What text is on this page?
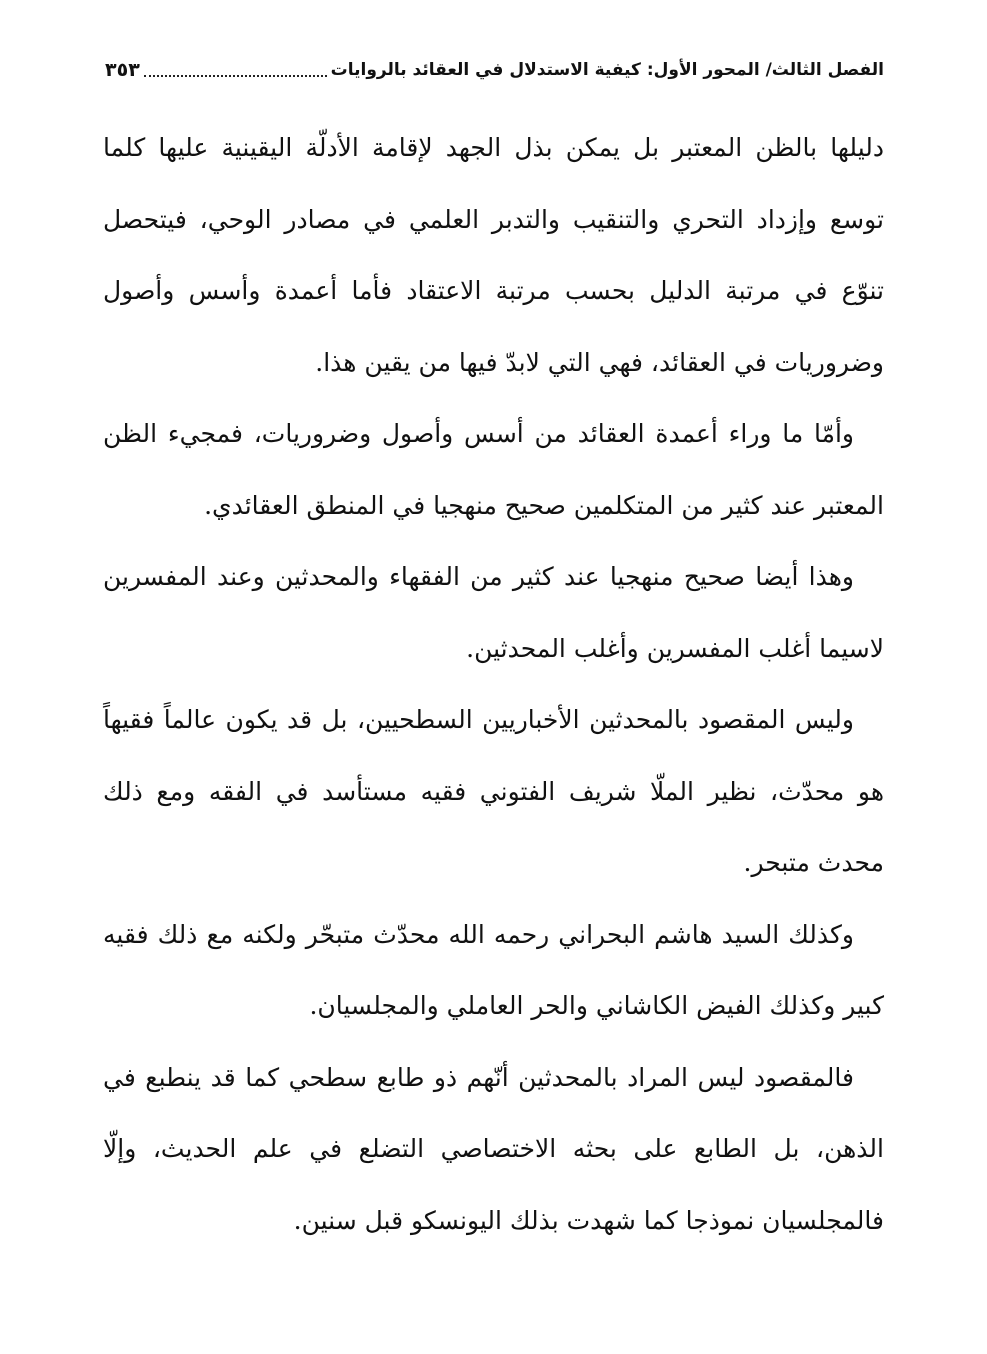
الفصل الثالث/ المحور الأول: كيفية الاستدلال في العقائد بالروايات
٣٥٣

دليلها بالظن المعتبر بل يمكن بذل الجهد لإقامة الأدلّة اليقينية عليها كلما توسع وإزداد التحري والتنقيب والتدبر العلمي في مصادر الوحي، فيتحصل تنوّع في مرتبة الدليل بحسب مرتبة الاعتقاد فأما أعمدة وأسس وأصول وضروريات في العقائد، فهي التي لابدّ فيها من يقين هذا.

وأمّا ما وراء أعمدة العقائد من أسس وأصول وضروريات، فمجيء الظن المعتبر عند كثير من المتكلمين صحيح منهجيا في المنطق العقائدي.

وهذا أيضا صحيح منهجيا عند كثير من الفقهاء والمحدثين وعند المفسرين لاسيما أغلب المفسرين وأغلب المحدثين.

وليس المقصود بالمحدثين الأخباريين السطحيين، بل قد يكون عالماً فقيهاً هو محدّث، نظير الملّا شريف الفتوني فقيه مستأسد في الفقه ومع ذلك محدث متبحر.

وكذلك السيد هاشم البحراني رحمه الله محدّث متبحّر ولكنه مع ذلك فقيه كبير وكذلك الفيض الكاشاني والحر العاملي والمجلسيان.

فالمقصود ليس المراد بالمحدثين أنّهم ذو طابع سطحي كما قد ينطبع في الذهن، بل الطابع على بحثه الاختصاصي التضلع في علم الحديث، وإلّا فالمجلسيان نموذجا كما شهدت بذلك اليونسكو قبل سنين.
